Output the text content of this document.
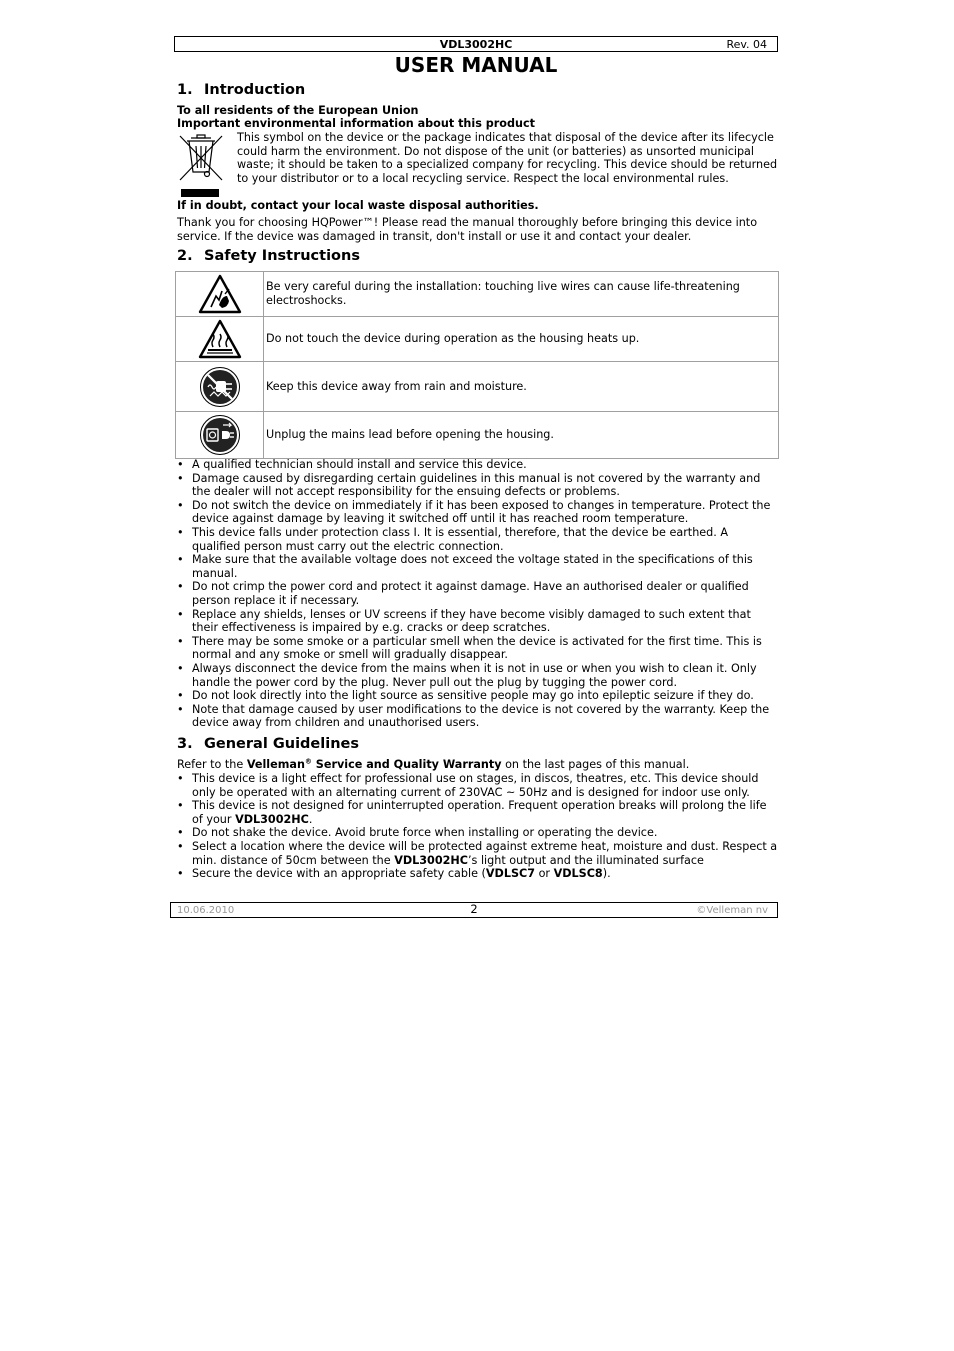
VDL3002HC	Rev. 04
USER MANUAL
1. Introduction
To all residents of the European Union
Important environmental information about this product
This symbol on the device or the package indicates that disposal of the device after its lifecycle could harm the environment. Do not dispose of the unit (or batteries) as unsorted municipal waste; it should be taken to a specialized company for recycling. This device should be returned to your distributor or to a local recycling service. Respect the local environmental rules.
If in doubt, contact your local waste disposal authorities.
Thank you for choosing HQPower™! Please read the manual thoroughly before bringing this device into service. If the device was damaged in transit, don't install or use it and contact your dealer.
2. Safety Instructions
	Be very careful during the installation: touching live wires can cause life-threatening electroshocks.

	Do not touch the device during operation as the housing heats up.

	Keep this device away from rain and moisture.

	Unplug the mains lead before opening the housing.
• A qualified technician should install and service this device.
• Damage caused by disregarding certain guidelines in this manual is not covered by the warranty and the dealer will not accept responsibility for the ensuing defects or problems.
• Do not switch the device on immediately if it has been exposed to changes in temperature. Protect the device against damage by leaving it switched off until it has reached room temperature.
• This device falls under protection class I. It is essential, therefore, that the device be earthed. A qualified person must carry out the electric connection.
• Make sure that the available voltage does not exceed the voltage stated in the specifications of this manual.
• Do not crimp the power cord and protect it against damage. Have an authorised dealer or qualified person replace it if necessary.
• Replace any shields, lenses or UV screens if they have become visibly damaged to such extent that their effectiveness is impaired by e.g. cracks or deep scratches.
• There may be some smoke or a particular smell when the device is activated for the first time. This is normal and any smoke or smell will gradually disappear.
• Always disconnect the device from the mains when it is not in use or when you wish to clean it. Only handle the power cord by the plug. Never pull out the plug by tugging the power cord.
• Do not look directly into the light source as sensitive people may go into epileptic seizure if they do.
• Note that damage caused by user modifications to the device is not covered by the warranty. Keep the device away from children and unauthorised users.
3. General Guidelines
Refer to the Velleman® Service and Quality Warranty on the last pages of this manual.
• This device is a light effect for professional use on stages, in discos, theatres, etc. This device should only be operated with an alternating current of 230VAC ~ 50Hz and is designed for indoor use only.
• This device is not designed for uninterrupted operation. Frequent operation breaks will prolong the life of your VDL3002HC.
• Do not shake the device. Avoid brute force when installing or operating the device.
• Select a location where the device will be protected against extreme heat, moisture and dust. Respect a min. distance of 50cm between the VDL3002HC’s light output and the illuminated surface
• Secure the device with an appropriate safety cable (VDLSC7 or VDLSC8).
10.06.2010	2	©Velleman nv
